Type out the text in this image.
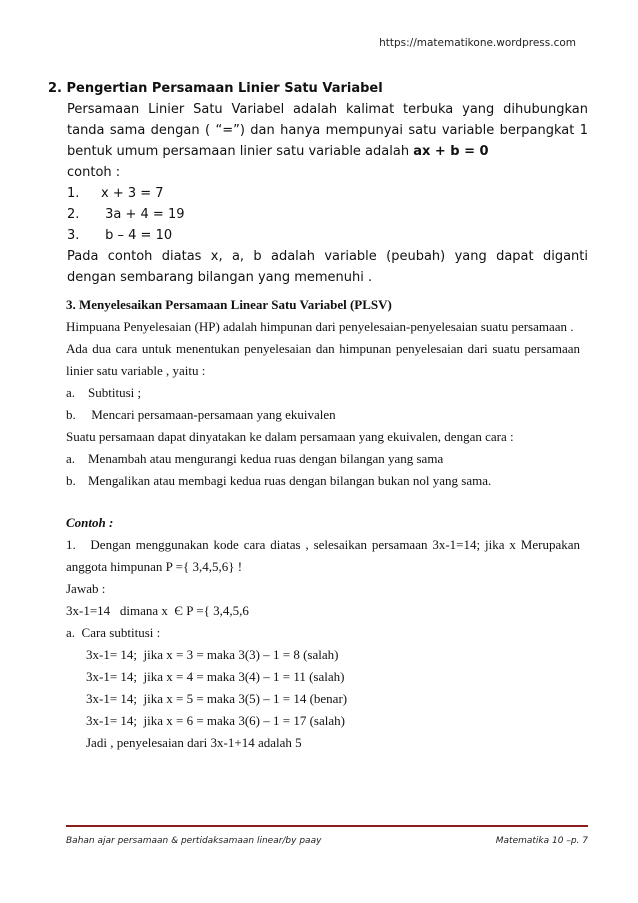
https://matematikone.wordpress.com
2. Pengertian Persamaan Linier Satu Variabel
Persamaan Linier Satu Variabel adalah kalimat terbuka yang dihubungkan
tanda sama dengan ( “=”) dan hanya mempunyai satu variable berpangkat 1
bentuk umum persamaan linier satu variable adalah ax + b = 0
contoh :
1.	x + 3 = 7
2.	3a + 4 = 19
3.	b – 4 = 10
Pada contoh diatas x, a, b adalah variable (peubah) yang dapat diganti
dengan sembarang bilangan yang memenuhi .
3. Menyelesaikan Persamaan Linear Satu Variabel (PLSV)
Himpuana Penyelesaian (HP) adalah himpunan dari penyelesaian-penyelesaian suatu persamaan .
Ada dua cara untuk menentukan penyelesaian dan himpunan penyelesaian dari suatu persamaan
linier satu variable , yaitu :
a. Subtitusi ;
b. Mencari persamaan-persamaan yang ekuivalen
Suatu persamaan dapat dinyatakan ke dalam persamaan yang ekuivalen, dengan cara :
a. Menambah atau mengurangi kedua ruas dengan bilangan yang sama
b. Mengalikan atau membagi kedua ruas dengan bilangan bukan nol yang sama.
Contoh :
1.   Dengan menggunakan kode cara diatas , selesaikan persamaan 3x-1=14; jika x Merupakan
anggota himpunan P ={ 3,4,5,6} !
Jawab :
3x-1=14   dimana x  Є P ={ 3,4,5,6
a.  Cara subtitusi :
3x-1= 14;  jika x = 3 = maka 3(3) – 1 = 8 (salah)
3x-1= 14;  jika x = 4 = maka 3(4) – 1 = 11 (salah)
3x-1= 14;  jika x = 5 = maka 3(5) – 1 = 14 (benar)
3x-1= 14;  jika x = 6 = maka 3(6) – 1 = 17 (salah)
Jadi , penyelesaian dari 3x-1+14 adalah 5
Bahan ajar persamaan & pertidaksamaan linear/by paay	Matematika 10 –p. 7
